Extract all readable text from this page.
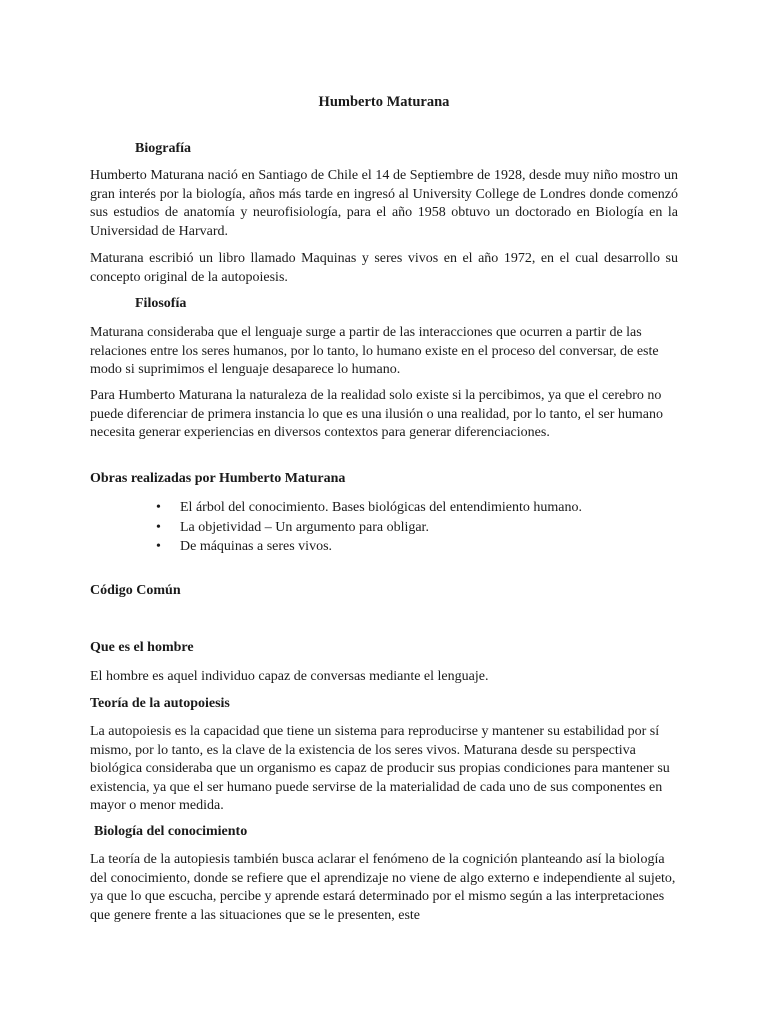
Humberto Maturana
Biografía
Humberto Maturana nació en Santiago de Chile el 14 de Septiembre de 1928, desde muy niño mostro un gran interés por la biología, años más tarde en ingresó al University College de Londres donde comenzó sus estudios de anatomía y neurofisiología, para el año 1958 obtuvo un doctorado en Biología en la Universidad de Harvard.
Maturana escribió un libro llamado Maquinas y seres vivos en el año 1972, en el cual desarrollo su concepto original de la autopoiesis.
Filosofía
Maturana consideraba que el lenguaje surge a partir de las interacciones que ocurren a partir de las relaciones entre los seres humanos, por lo tanto, lo humano existe en el proceso del conversar, de este modo si suprimimos el lenguaje desaparece lo humano.
Para Humberto Maturana la naturaleza de la realidad solo existe si la percibimos, ya que el cerebro no puede diferenciar de primera instancia lo que es una ilusión o una realidad, por lo tanto, el ser humano necesita generar experiencias en diversos contextos para generar diferenciaciones.
Obras realizadas por Humberto Maturana
• El árbol del conocimiento. Bases biológicas del entendimiento humano.
• La objetividad – Un argumento para obligar.
• De máquinas a seres vivos.
Código Común
Que es el hombre
El hombre es aquel individuo capaz de conversas mediante el lenguaje.
Teoría de la autopoiesis
La autopoiesis es la capacidad que tiene un sistema para reproducirse y mantener su estabilidad por sí mismo, por lo tanto, es la clave de la existencia de los seres vivos. Maturana desde su perspectiva biológica consideraba que un organismo es capaz de producir sus propias condiciones para mantener su existencia, ya que el ser humano puede servirse de la materialidad de cada uno de sus componentes en mayor o menor medida.
Biología del conocimiento
La teoría de la autopiesis también busca aclarar el fenómeno de la cognición planteando así la biología del conocimiento, donde se refiere que el aprendizaje no viene de algo externo e independiente al sujeto, ya que lo que escucha, percibe y aprende estará determinado por el mismo según a las interpretaciones que genere frente a las situaciones que se le presenten, este
